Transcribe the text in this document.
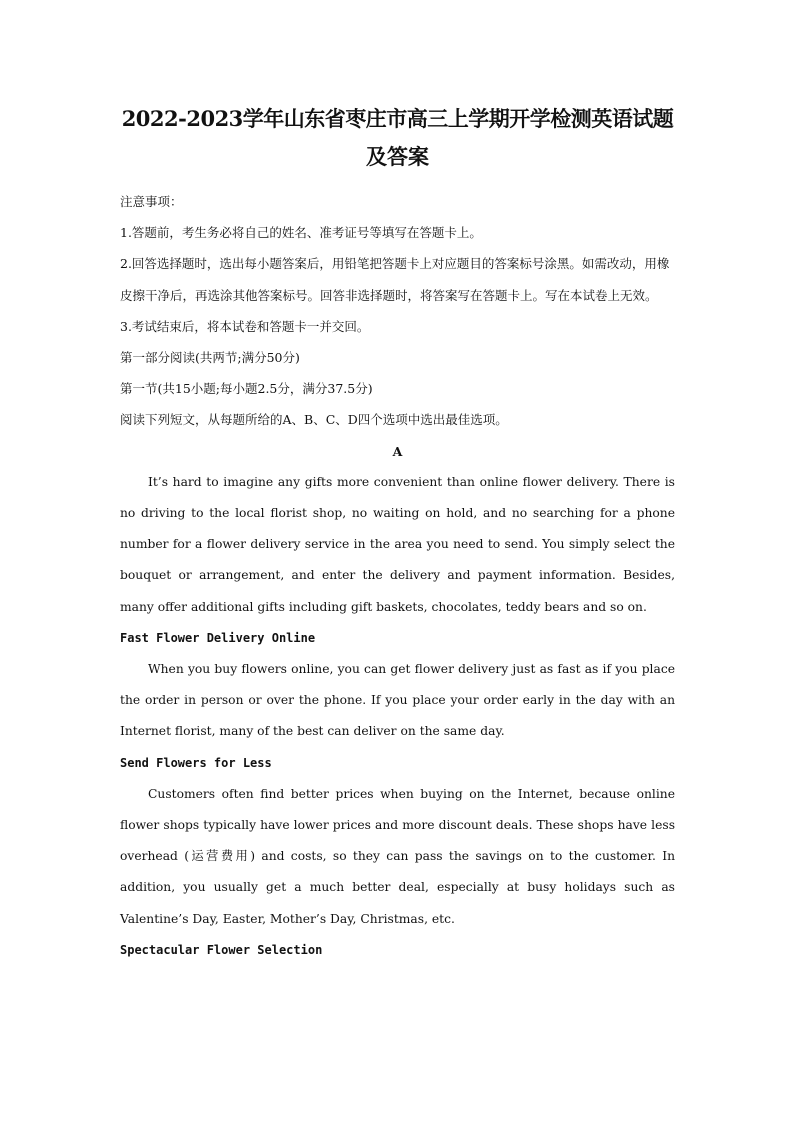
2022-2023学年山东省枣庄市高三上学期开学检测英语试题
及答案

注意事项：

1.答题前，考生务必将自己的姓名、准考证号等填写在答题卡上。

2.回答选择题时，选出每小题答案后，用铅笔把答题卡上对应题目的答案标号涂黑。如需改动，用橡皮擦干净后，再选涂其他答案标号。回答非选择题时，将答案写在答题卡上。写在本试卷上无效。

3.考试结束后，将本试卷和答题卡一并交回。

第一部分阅读(共两节;满分50分)

第一节(共15小题;每小题2.5分，满分37.5分)

阅读下列短文，从每题所给的A、B、C、D四个选项中选出最佳选项。

A

It’s hard to imagine any gifts more convenient than online flower delivery. There is no driving to the local florist shop, no waiting on hold, and no searching for a phone number for a flower delivery service in the area you need to send. You simply select the bouquet or arrangement, and enter the delivery and payment information. Besides, many offer additional gifts including gift baskets, chocolates, teddy bears and so on.

Fast Flower Delivery Online

When you buy flowers online, you can get flower delivery just as fast as if you place the order in person or over the phone. If you place your order early in the day with an Internet florist, many of the best can deliver on the same day.

Send Flowers for Less

Customers often find better prices when buying on the Internet, because online flower shops typically have lower prices and more discount deals. These shops have less overhead (运营费用) and costs, so they can pass the savings on to the customer. In addition, you usually get a much better deal, especially at busy holidays such as Valentine’s Day, Easter, Mother’s Day, Christmas, etc.

Spectacular Flower Selection
